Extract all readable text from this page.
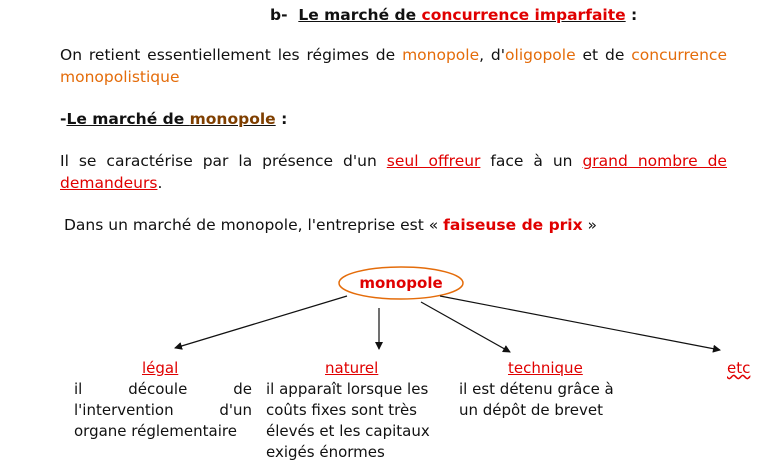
b- Le marché de concurrence imparfaite :
On retient essentiellement les régimes de monopole, d'oligopole et de concurrence
monopolistique
-Le marché de monopole :
Il se caractérise par la présence d'un seul offreur face à un grand nombre de
demandeurs.
Dans un marché de monopole, l'entreprise est « faiseuse de prix »
monopole
légal	naturel	technique	etc
il découle de
l'intervention d'un
organe réglementaire
il apparaît lorsque les
coûts fixes sont très
élevés et les capitaux
exigés énormes
il est détenu grâce à
un dépôt de brevet
